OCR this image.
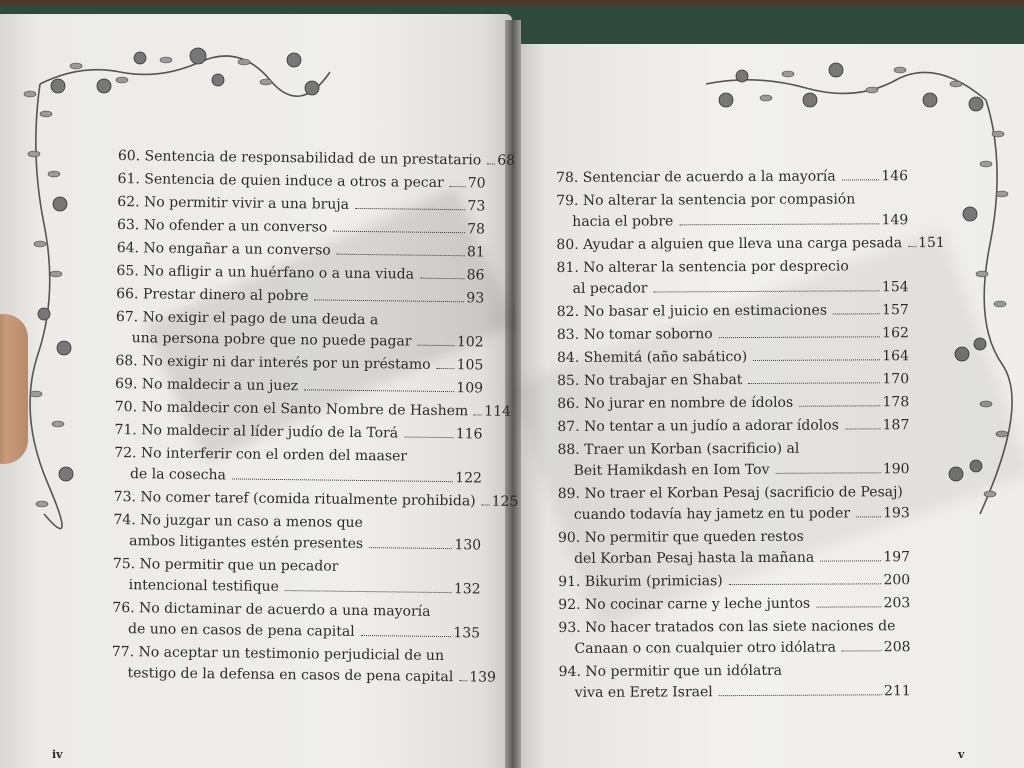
60. Sentencia de responsabilidad de un prestatario 68
61. Sentencia de quien induce a otros a pecar 70
62. No permitir vivir a una bruja	73
63. No ofender a un converso	78
64. No engañar a un converso	81
65. No afligir a un huérfano o a una viuda	86
66. Prestar dinero al pobre	93
67. No exigir el pago de una deuda a
una persona pobre que no puede pagar	102
68. No exigir ni dar interés por un préstamo 105
69. No maldecir a un juez	109
70. No maldecir con el Santo Nombre de Hashem 114
71. No maldecir al líder judío de la Torá	116
72. No interferir con el orden del maaser
de la cosecha	122
73. No comer taref (comida ritualmente prohibida) 125
74. No juzgar un caso a menos que
ambos litigantes estén presentes	130
75. No permitir que un pecador
intencional testifique	132
76. No dictaminar de acuerdo a una mayoría
de uno en casos de pena capital	135
77. No aceptar un testimonio perjudicial de un
testigo de la defensa en casos de pena capital 139
78. Sentenciar de acuerdo a la mayoría	146
79. No alterar la sentencia por compasión
hacia el pobre	149
80. Ayudar a alguien que lleva una carga pesada 151
81. No alterar la sentencia por desprecio
al pecador	154
82. No basar el juicio en estimaciones	157
83. No tomar soborno	162
84. Shemitá (año sabático)	164
85. No trabajar en Shabat	170
86. No jurar en nombre de ídolos	178
87. No tentar a un judío a adorar ídolos	187
88. Traer un Korban (sacrificio) al
Beit Hamikdash en Iom Tov	190
89. No traer el Korban Pesaj (sacrificio de Pesaj)
cuando todavía hay jametz en tu poder 193
90. No permitir que queden restos
del Korban Pesaj hasta la mañana	197
91. Bikurim (primicias)	200
92. No cocinar carne y leche juntos	203
93. No hacer tratados con las siete naciones de
Canaan o con cualquier otro idólatra	208
94. No permitir que un idólatra
viva en Eretz Israel	211
iv	v
